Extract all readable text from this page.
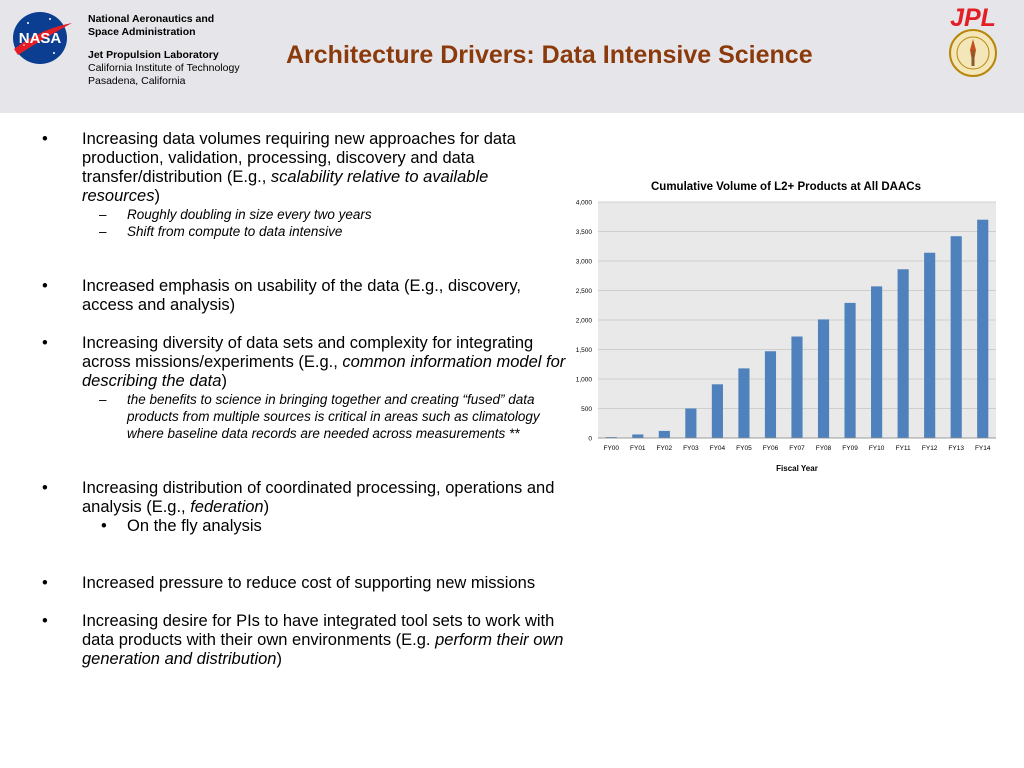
NASA
National Aeronautics and
Space Administration
Jet Propulsion Laboratory
California Institute of Technology
Pasadena, California
Architecture Drivers: Data Intensive Science
JPL
• Increasing data volumes requiring new approaches for data production, validation, processing, discovery and data transfer/distribution (E.g., scalability relative to available resources)
– Roughly doubling in size every two years
– Shift from compute to data intensive
• Increased emphasis on usability of the data (E.g., discovery, access and analysis)
• Increasing diversity of data sets and complexity for integrating across missions/experiments (E.g., common information model for describing the data)
– the benefits to science in bringing together and creating “fused” data products from multiple sources is critical in areas such as climatology where baseline data records are needed across measurements **
• Increasing distribution of coordinated processing, operations and analysis (E.g., federation)
• On the fly analysis
• Increased pressure to reduce cost of supporting new missions
• Increasing desire for PIs to have integrated tool sets to work with data products with their own environments (E.g. perform their own generation and distribution)
Cumulative Volume of L2+ Products at All DAACs
0
500
1,000
1,500
2,000
2,500
3,000
3,500
4,000
FY00 FY01 FY02 FY03 FY04 FY05 FY06 FY07 FY08 FY09 FY10 FY11 FY12 FY13 FY14
Fiscal Year
